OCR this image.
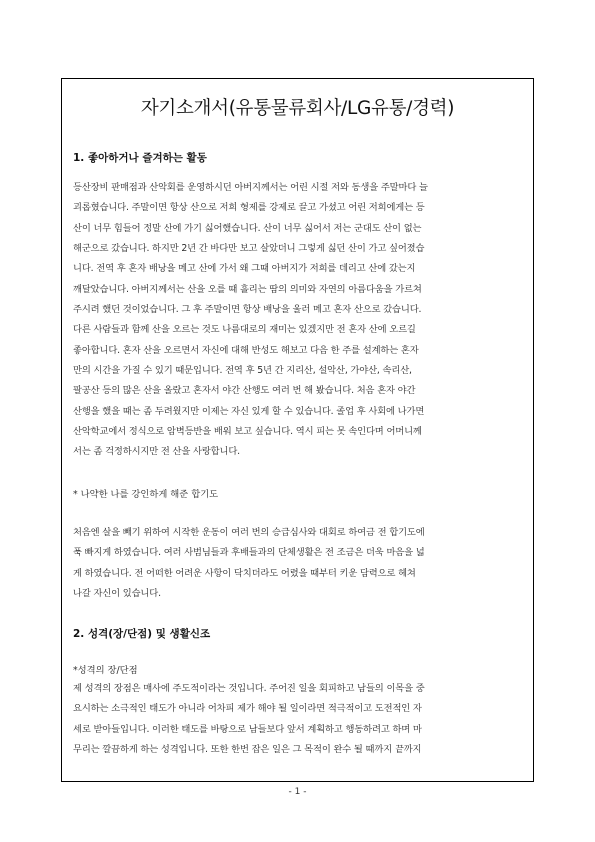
자기소개서(유통물류회사/LG유통/경력)
1. 좋아하거나 즐겨하는 활동
등산장비 판매점과 산악회를 운영하시던 아버지께서는 어린 시절 저와 동생을 주말마다 늘
괴롭혔습니다. 주말이면 항상 산으로 저희 형제를 강제로 끌고 가셨고 어린 저희에게는 등
산이 너무 힘들어 정말 산에 가기 싫어했습니다. 산이 너무 싫어서 저는 군대도 산이 없는
해군으로 갔습니다. 하지만 2년 간 바다만 보고 살았더니 그렇게 싫던 산이 가고 싶어졌습
니다. 전역 후 혼자 배낭을 메고 산에 가서 왜 그때 아버지가 저희를 데리고 산에 갔는지
깨달았습니다. 아버지께서는 산을 오를 때 흘리는 땀의 의미와 자연의 아름다움을 가르쳐
주시려 했던 것이었습니다. 그 후 주말이면 항상 배낭을 울러 메고 혼자 산으로 갔습니다.
다른 사람들과 함께 산을 오르는 것도 나름대로의 재미는 있겠지만 전 혼자 산에 오르길
좋아합니다. 혼자 산을 오르면서 자신에 대해 반성도 해보고 다음 한 주를 설계하는 혼자
만의 시간을 가질 수 있기 때문입니다. 전역 후 5년 간 지리산, 설악산, 가야산, 속리산,
팔공산 등의 많은 산을 올랐고 혼자서 야간 산행도 여러 번 해 봤습니다. 처음 혼자 야간
산행을 했을 때는 좀 두려웠지만 이제는 자신 있게 할 수 있습니다. 졸업 후 사회에 나가면
산악학교에서 정식으로 암벽등반을 배워 보고 싶습니다. 역시 피는 못 속인다며 어머니께
서는 좀 걱정하시지만 전 산을 사랑합니다.
* 나약한 나를 강인하게 해준 합기도
처음엔 살을 빼기 위하여 시작한 운동이 여러 번의 승급심사와 대회로 하여금 전 합기도에
푹 빠지게 하였습니다. 여러 사범님들과 후배들과의 단체생활은 전 조금은 더욱 마음을 넓
게 하였습니다. 전 어떠한 어려운 사항이 닥치더라도 어렸을 때부터 키운 담력으로 헤쳐
나갈 자신이 있습니다.
2. 성격(장/단점) 및 생활신조
*성격의 장/단점
제 성격의 장점은 매사에 주도적이라는 것입니다. 주어진 일을 회피하고 남들의 이목을 중
요시하는 소극적인 태도가 아니라 어차피 제가 해야 될 일이라면 적극적이고 도전적인 자
세로 받아들입니다. 이러한 태도를 바탕으로 남들보다 앞서 계획하고 행동하려고 하며 마
무리는 깔끔하게 하는 성격입니다. 또한 한번 잡은 일은 그 목적이 완수 될 때까지 끝까지
- 1 -
